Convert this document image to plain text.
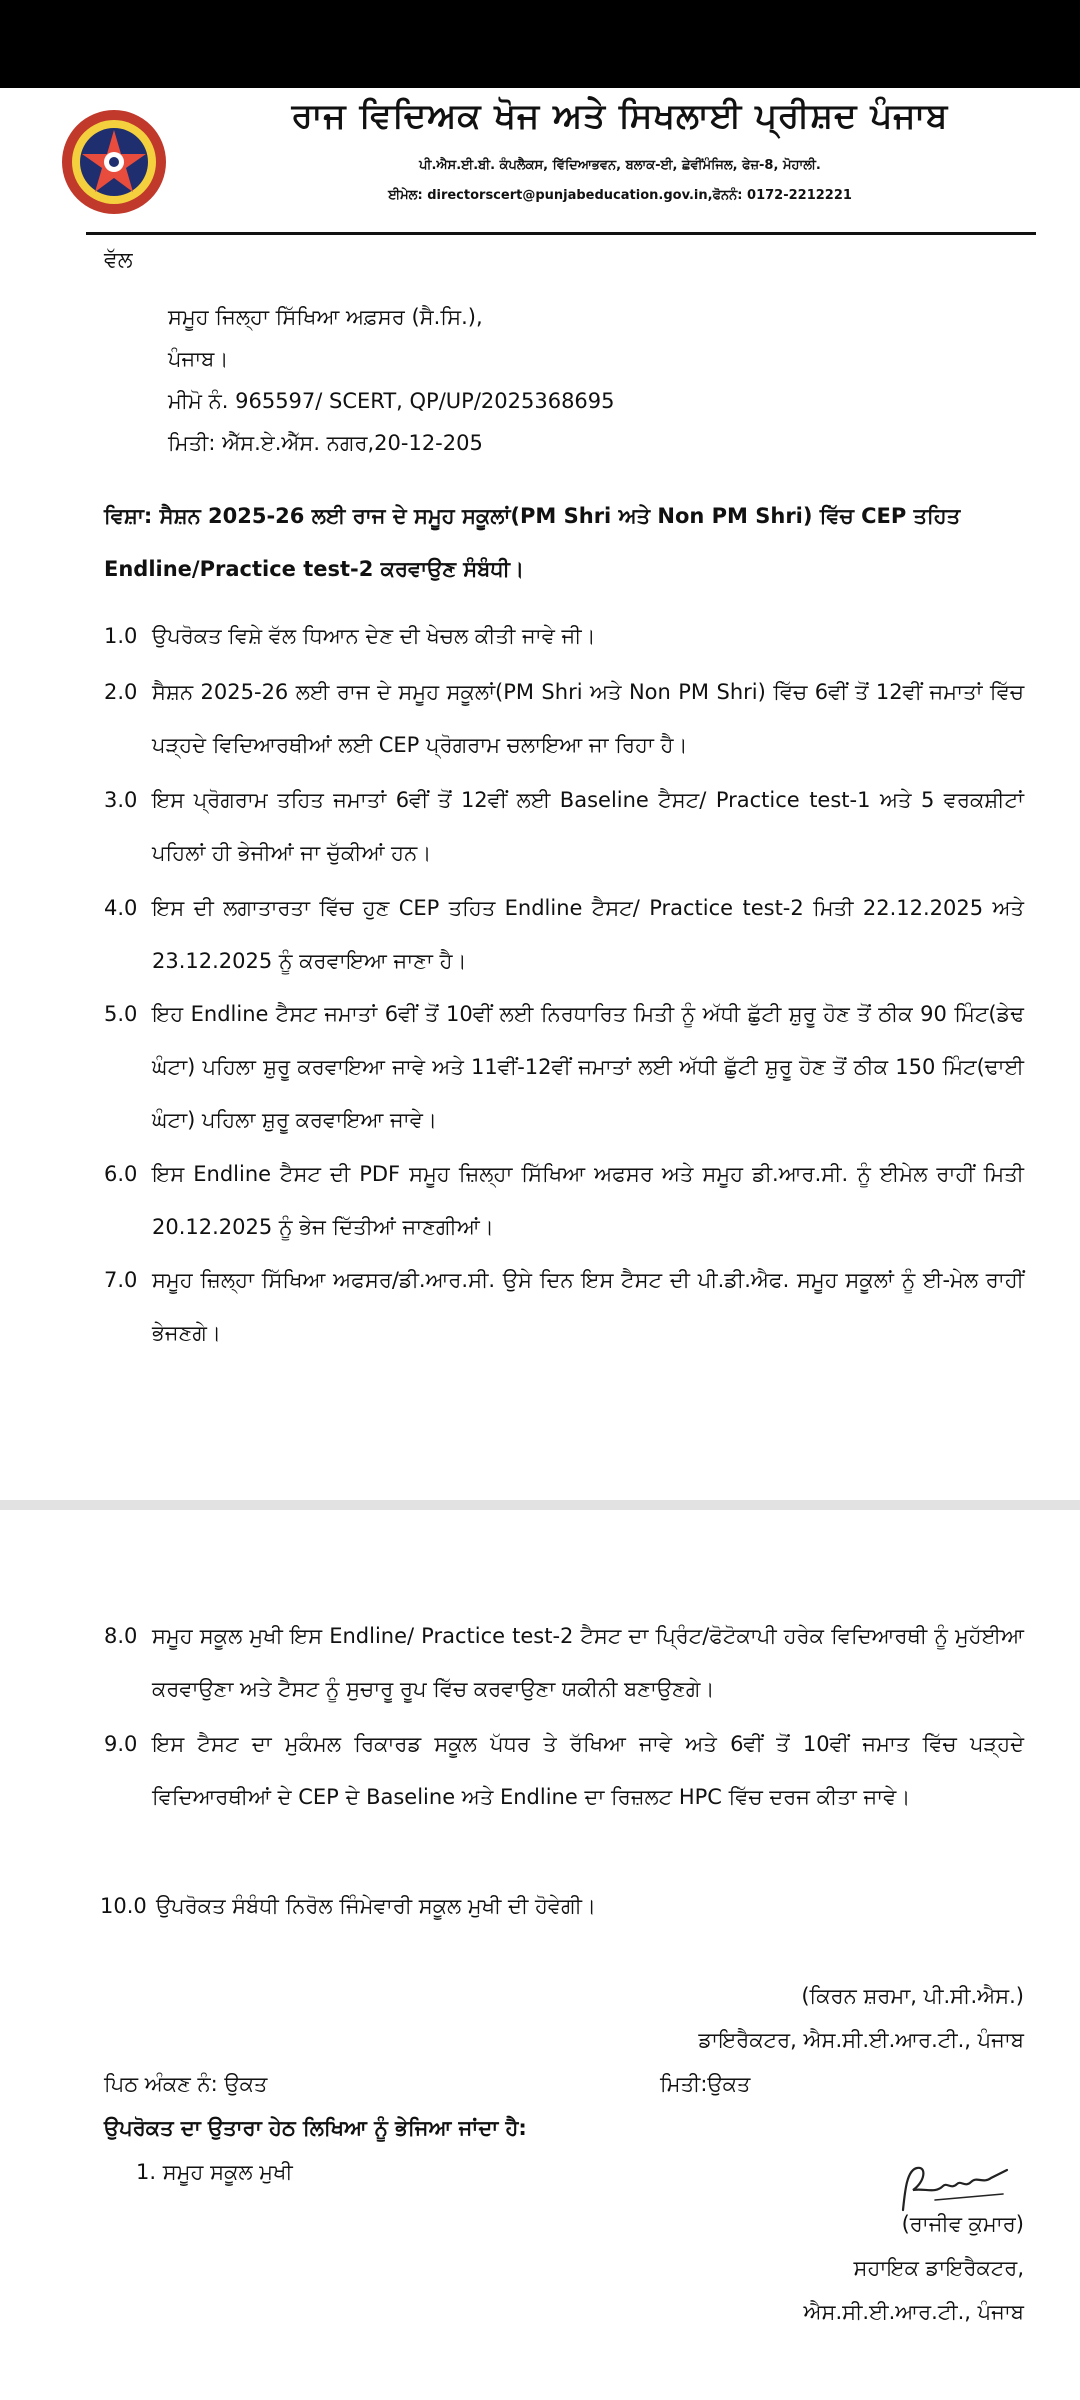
ਰਾਜ ਵਿਦਿਅਕ ਖੋਜ ਅਤੇ ਸਿਖਲਾਈ ਪ੍ਰੀਸ਼ਦ ਪੰਜਾਬ
ਪੀ.ਐਸ.ਈ.ਬੀ. ਕੰਪਲੈਕਸ, ਵਿੱਦਿਆਭਵਨ, ਬਲਾਕ-ਈ, ਛੇਵੀਂਮੰਜਿਲ, ਫੇਜ਼-8, ਮੋਹਾਲੀ.
ਈਮੇਲ: directorscert@punjabeducation.gov.in,ਫੋਨਨੰ: 0172-2212221
ਵੱਲ
ਸਮੂਹ ਜਿਲ੍ਹਾ ਸਿੱਖਿਆ ਅਫ਼ਸਰ (ਸੈ.ਸਿ.),
ਪੰਜਾਬ।
ਮੀਮੋ ਨੰ. 965597/ SCERT, QP/UP/2025368695
ਮਿਤੀ: ਐੱਸ.ਏ.ਐੱਸ. ਨਗਰ,20-12-205
ਵਿਸ਼ਾ: ਸੈਸ਼ਨ 2025-26 ਲਈ ਰਾਜ ਦੇ ਸਮੂਹ ਸਕੂਲਾਂ(PM Shri ਅਤੇ Non PM Shri) ਵਿੱਚ CEP ਤਹਿਤ Endline/Practice test-2 ਕਰਵਾਉਣ ਸੰਬੰਧੀ।
1.0 ਉਪਰੋਕਤ ਵਿਸ਼ੇ ਵੱਲ ਧਿਆਨ ਦੇਣ ਦੀ ਖੇਚਲ ਕੀਤੀ ਜਾਵੇ ਜੀ।
2.0 ਸੈਸ਼ਨ 2025-26 ਲਈ ਰਾਜ ਦੇ ਸਮੂਹ ਸਕੂਲਾਂ(PM Shri ਅਤੇ Non PM Shri) ਵਿੱਚ 6ਵੀਂ ਤੋਂ 12ਵੀਂ ਜਮਾਤਾਂ ਵਿੱਚ ਪੜ੍ਹਦੇ ਵਿਦਿਆਰਥੀਆਂ ਲਈ CEP ਪ੍ਰੋਗਰਾਮ ਚਲਾਇਆ ਜਾ ਰਿਹਾ ਹੈ।
3.0 ਇਸ ਪ੍ਰੋਗਰਾਮ ਤਹਿਤ ਜਮਾਤਾਂ 6ਵੀਂ ਤੋਂ 12ਵੀਂ ਲਈ Baseline ਟੈਸਟ/ Practice test-1 ਅਤੇ 5 ਵਰਕਸ਼ੀਟਾਂ ਪਹਿਲਾਂ ਹੀ ਭੇਜੀਆਂ ਜਾ ਚੁੱਕੀਆਂ ਹਨ।
4.0 ਇਸ ਦੀ ਲਗਾਤਾਰਤਾ ਵਿੱਚ ਹੁਣ CEP ਤਹਿਤ Endline ਟੈਸਟ/ Practice test-2 ਮਿਤੀ 22.12.2025 ਅਤੇ 23.12.2025 ਨੂੰ ਕਰਵਾਇਆ ਜਾਣਾ ਹੈ।
5.0 ਇਹ Endline ਟੈਸਟ ਜਮਾਤਾਂ 6ਵੀਂ ਤੋਂ 10ਵੀਂ ਲਈ ਨਿਰਧਾਰਿਤ ਮਿਤੀ ਨੂੰ ਅੱਧੀ ਛੁੱਟੀ ਸ਼ੁਰੂ ਹੋਣ ਤੋਂ ਠੀਕ 90 ਮਿੰਟ(ਡੇਢ ਘੰਟਾ) ਪਹਿਲਾ ਸ਼ੁਰੂ ਕਰਵਾਇਆ ਜਾਵੇ ਅਤੇ 11ਵੀਂ-12ਵੀਂ ਜਮਾਤਾਂ ਲਈ ਅੱਧੀ ਛੁੱਟੀ ਸ਼ੁਰੂ ਹੋਣ ਤੋਂ ਠੀਕ 150 ਮਿੰਟ(ਢਾਈ ਘੰਟਾ) ਪਹਿਲਾ ਸ਼ੁਰੂ ਕਰਵਾਇਆ ਜਾਵੇ।
6.0 ਇਸ Endline ਟੈਸਟ ਦੀ PDF ਸਮੂਹ ਜ਼ਿਲ੍ਹਾ ਸਿੱਖਿਆ ਅਫਸਰ ਅਤੇ ਸਮੂਹ ਡੀ.ਆਰ.ਸੀ. ਨੂੰ ਈਮੇਲ ਰਾਹੀਂ ਮਿਤੀ 20.12.2025 ਨੂੰ ਭੇਜ ਦਿੱਤੀਆਂ ਜਾਣਗੀਆਂ।
7.0 ਸਮੂਹ ਜ਼ਿਲ੍ਹਾ ਸਿੱਖਿਆ ਅਫਸਰ/ਡੀ.ਆਰ.ਸੀ. ਉਸੇ ਦਿਨ ਇਸ ਟੈਸਟ ਦੀ ਪੀ.ਡੀ.ਐਫ. ਸਮੂਹ ਸਕੂਲਾਂ ਨੂੰ ਈ-ਮੇਲ ਰਾਹੀਂ ਭੇਜਣਗੇ।
8.0 ਸਮੂਹ ਸਕੂਲ ਮੁਖੀ ਇਸ Endline/ Practice test-2 ਟੈਸਟ ਦਾ ਪ੍ਰਿੰਟ/ਫੋਟੋਕਾਪੀ ਹਰੇਕ ਵਿਦਿਆਰਥੀ ਨੂੰ ਮੁਹੱਈਆ ਕਰਵਾਉਣਾ ਅਤੇ ਟੈਸਟ ਨੂੰ ਸੁਚਾਰੂ ਰੂਪ ਵਿੱਚ ਕਰਵਾਉਣਾ ਯਕੀਨੀ ਬਣਾਉਣਗੇ।
9.0 ਇਸ ਟੈਸਟ ਦਾ ਮੁਕੰਮਲ ਰਿਕਾਰਡ ਸਕੂਲ ਪੱਧਰ ਤੇ ਰੱਖਿਆ ਜਾਵੇ ਅਤੇ 6ਵੀਂ ਤੋਂ 10ਵੀਂ ਜਮਾਤ ਵਿੱਚ ਪੜ੍ਹਦੇ ਵਿਦਿਆਰਥੀਆਂ ਦੇ CEP ਦੇ Baseline ਅਤੇ Endline ਦਾ ਰਿਜ਼ਲਟ HPC ਵਿੱਚ ਦਰਜ ਕੀਤਾ ਜਾਵੇ।
10.0 ਉਪਰੋਕਤ ਸੰਬੰਧੀ ਨਿਰੋਲ ਜਿੰਮੇਵਾਰੀ ਸਕੂਲ ਮੁਖੀ ਦੀ ਹੋਵੇਗੀ।
(ਕਿਰਨ ਸ਼ਰਮਾ, ਪੀ.ਸੀ.ਐਸ.)
ਡਾਇਰੈਕਟਰ, ਐਸ.ਸੀ.ਈ.ਆਰ.ਟੀ., ਪੰਜਾਬ
ਪਿਠ ਅੰਕਣ ਨੰ: ਉਕਤ	ਮਿਤੀ:ਉਕਤ
ਉਪਰੋਕਤ ਦਾ ਉਤਾਰਾ ਹੇਠ ਲਿਖਿਆ ਨੂੰ ਭੇਜਿਆ ਜਾਂਦਾ ਹੈ:
1. ਸਮੂਹ ਸਕੂਲ ਮੁਖੀ
(ਰਾਜੀਵ ਕੁਮਾਰ)
ਸਹਾਇਕ ਡਾਇਰੈਕਟਰ,
ਐਸ.ਸੀ.ਈ.ਆਰ.ਟੀ., ਪੰਜਾਬ
